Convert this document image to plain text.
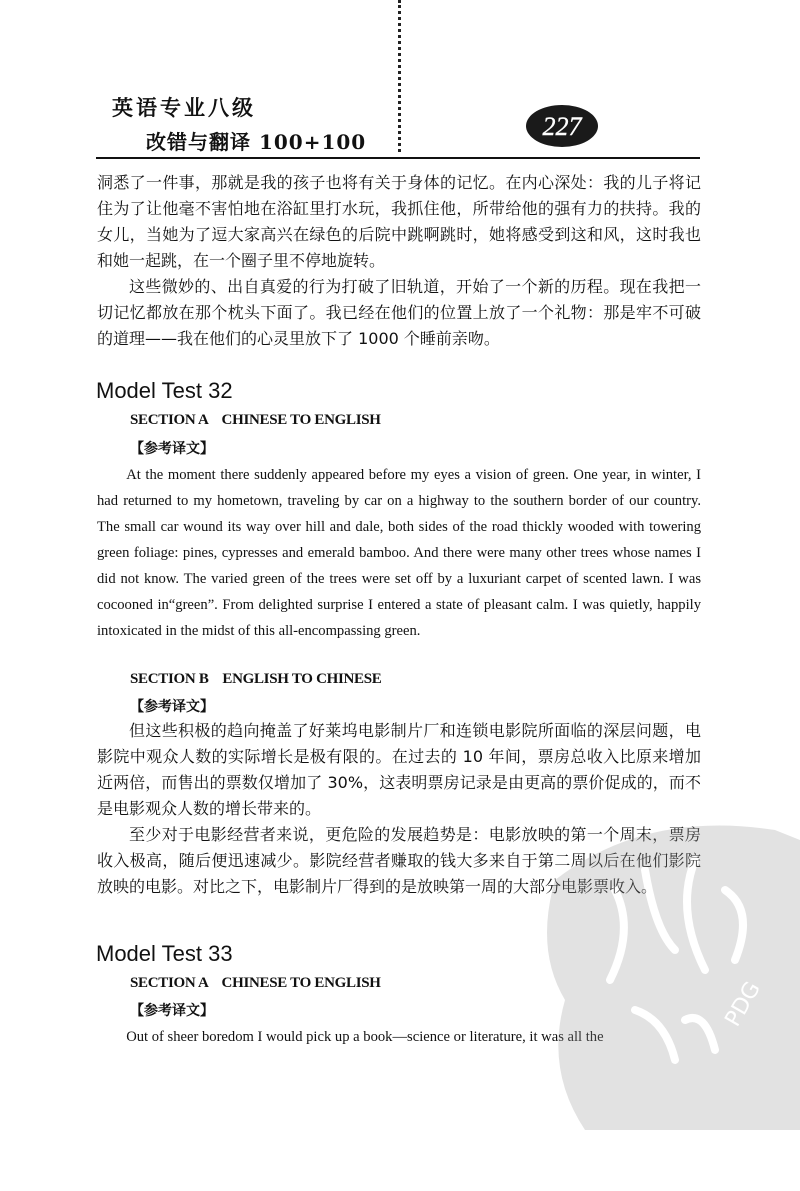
英语专业八级
改错与翻译 100+100
227
洞悉了一件事，那就是我的孩子也将有关于身体的记忆。在内心深处：我的儿子将记住为了让他毫不害怕地在浴缸里打水玩，我抓住他，所带给他的强有力的扶持。我的女儿，当她为了逗大家高兴在绿色的后院中跳啊跳时，她将感受到这和风，这时我也和她一起跳，在一个圈子里不停地旋转。
这些微妙的、出自真爱的行为打破了旧轨道，开始了一个新的历程。现在我把一切记忆都放在那个枕头下面了。我已经在他们的位置上放了一个礼物：那是牢不可破的道理——我在他们的心灵里放下了 1000 个睡前亲吻。
Model Test 32
SECTION A    CHINESE TO ENGLISH
【参考译文】
At the moment there suddenly appeared before my eyes a vision of green. One year, in winter, I had returned to my hometown, traveling by car on a highway to the southern border of our country. The small car wound its way over hill and dale, both sides of the road thickly wooded with towering green foliage: pines, cypresses and emerald bamboo. And there were many other trees whose names I did not know. The varied green of the trees were set off by a luxuriant carpet of scented lawn. I was cocooned in“green”. From delighted surprise I entered a state of pleasant calm. I was quietly, happily intoxicated in the midst of this all-encompassing green.
SECTION B    ENGLISH TO CHINESE
【参考译文】
但这些积极的趋向掩盖了好莱坞电影制片厂和连锁电影院所面临的深层问题，电影院中观众人数的实际增长是极有限的。在过去的 10 年间，票房总收入比原来增加近两倍，而售出的票数仅增加了 30%，这表明票房记录是由更高的票价促成的，而不是电影观众人数的增长带来的。
至少对于电影经营者来说，更危险的发展趋势是：电影放映的第一个周末，票房收入极高，随后便迅速减少。影院经营者赚取的钱大多来自于第二周以后在他们影院放映的电影。对比之下，电影制片厂得到的是放映第一周的大部分电影票收入。
Model Test 33
SECTION A    CHINESE TO ENGLISH
【参考译文】
Out of sheer boredom I would pick up a book—science or literature, it was all the
PDG
